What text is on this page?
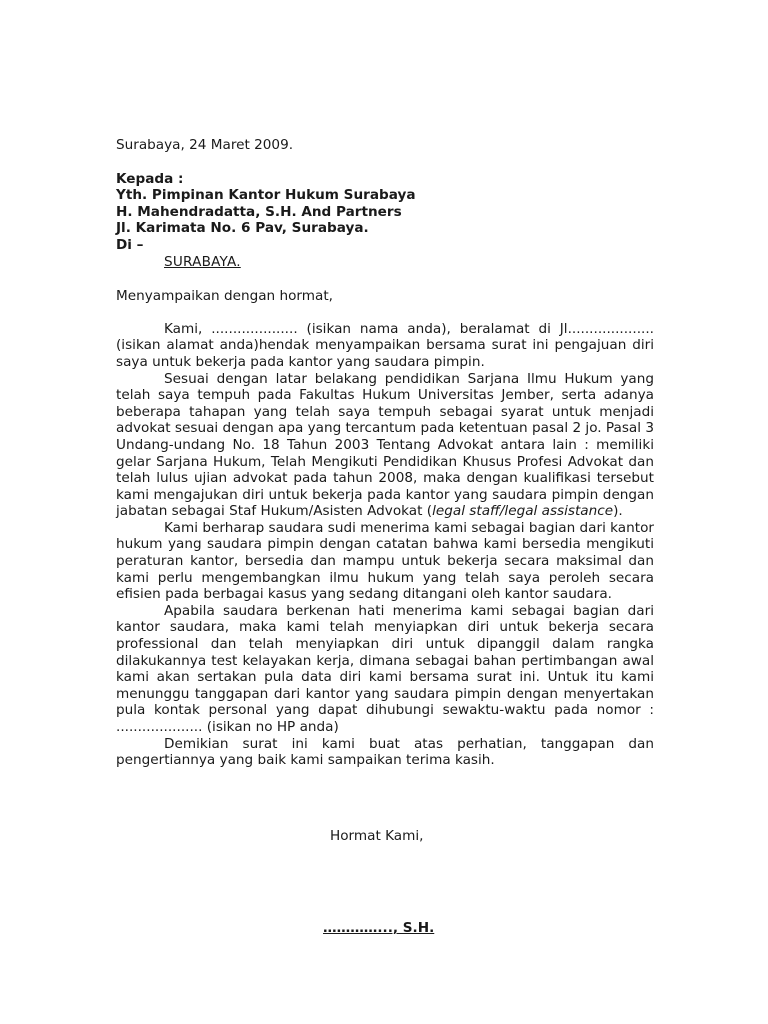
Surabaya, 24 Maret 2009.

Kepada :
Yth. Pimpinan Kantor Hukum Surabaya
H. Mahendradatta, S.H. And Partners
Jl. Karimata No. 6 Pav, Surabaya.
Di –
SURABAYA.

Menyampaikan dengan hormat,

Kami, .................... (isikan nama anda), beralamat di Jl.................... (isikan alamat anda)hendak menyampaikan bersama surat ini pengajuan diri saya untuk bekerja pada kantor yang saudara pimpin.

Sesuai dengan latar belakang pendidikan Sarjana Ilmu Hukum yang telah saya tempuh pada Fakultas Hukum Universitas Jember, serta adanya beberapa tahapan yang telah saya tempuh sebagai syarat untuk menjadi advokat sesuai dengan apa yang tercantum pada ketentuan pasal 2 jo. Pasal 3 Undang-undang No. 18 Tahun 2003 Tentang Advokat antara lain : memiliki gelar Sarjana Hukum, Telah Mengikuti Pendidikan Khusus Profesi Advokat dan telah lulus ujian advokat pada tahun 2008, maka dengan kualifikasi tersebut kami mengajukan diri untuk bekerja pada kantor yang saudara pimpin dengan jabatan sebagai Staf Hukum/Asisten Advokat (legal staff/legal assistance).

Kami berharap saudara sudi menerima kami sebagai bagian dari kantor hukum yang saudara pimpin dengan catatan bahwa kami bersedia mengikuti peraturan kantor, bersedia dan mampu untuk bekerja secara maksimal dan kami perlu mengembangkan ilmu hukum yang telah saya peroleh secara efisien pada berbagai kasus yang sedang ditangani oleh kantor saudara.

Apabila saudara berkenan hati menerima kami sebagai bagian dari kantor saudara, maka kami telah menyiapkan diri untuk bekerja secara professional dan telah menyiapkan diri untuk dipanggil dalam rangka dilakukannya test kelayakan kerja, dimana sebagai bahan pertimbangan awal kami akan sertakan pula data diri kami bersama surat ini. Untuk itu kami menunggu tanggapan dari kantor yang saudara pimpin dengan menyertakan pula kontak personal yang dapat dihubungi sewaktu-waktu pada nomor : .................... (isikan no HP anda)

Demikian surat ini kami buat atas perhatian, tanggapan dan pengertiannya yang baik kami sampaikan terima kasih.

Hormat Kami,
…………..., S.H.
